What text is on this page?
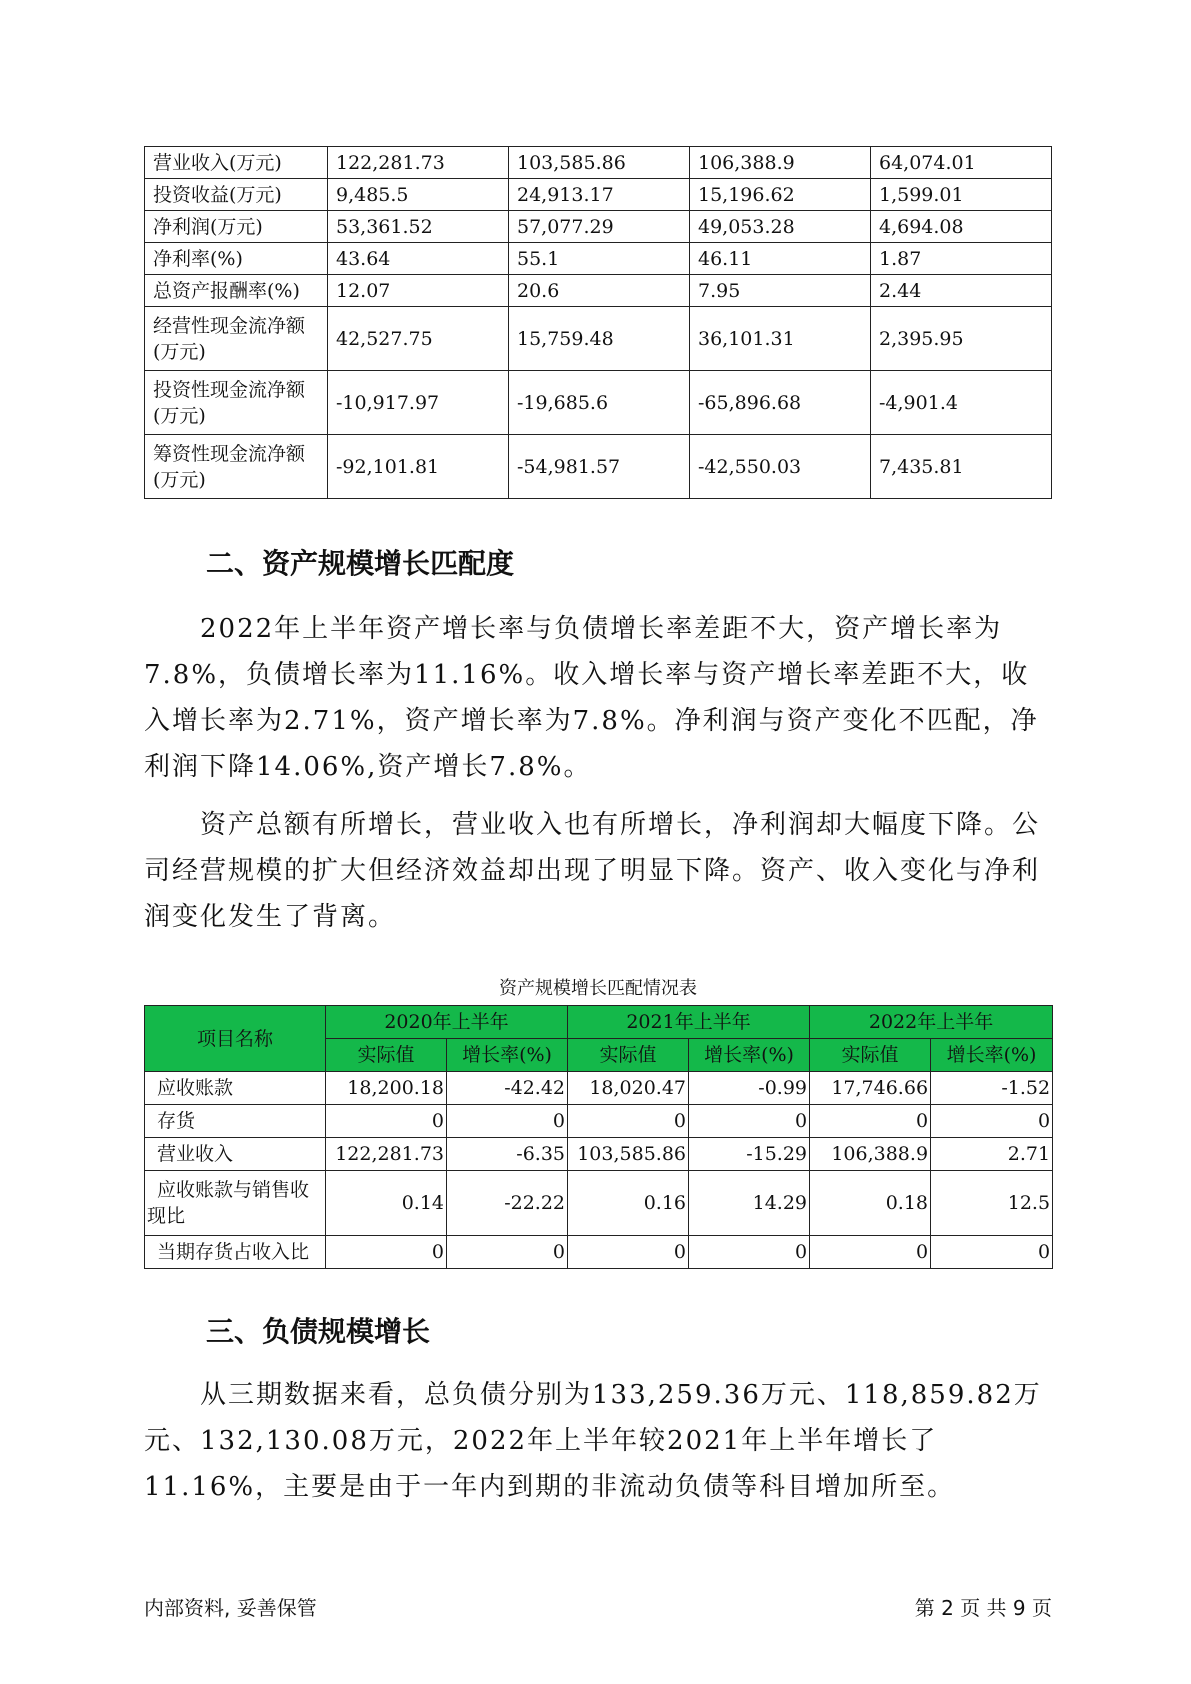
营业收入(万元)	122,281.73	103,585.86	106,388.9	64,074.01
投资收益(万元)	9,485.5	24,913.17	15,196.62	1,599.01
净利润(万元)	53,361.52	57,077.29	49,053.28	4,694.08
净利率(%)	43.64	55.1	46.11	1.87
总资产报酬率(%)	12.07	20.6	7.95	2.44
经营性现金流净额(万元)	42,527.75	15,759.48	36,101.31	2,395.95
投资性现金流净额(万元)	-10,917.97	-19,685.6	-65,896.68	-4,901.4
筹资性现金流净额(万元)	-92,101.81	-54,981.57	-42,550.03	7,435.81
二、资产规模增长匹配度

2022年上半年资产增长率与负债增长率差距不大，资产增长率为7.8%，负债增长率为11.16%。收入增长率与资产增长率差距不大，收入增长率为2.71%，资产增长率为7.8%。净利润与资产变化不匹配，净利润下降14.06%,资产增长7.8%。

资产总额有所增长，营业收入也有所增长，净利润却大幅度下降。公司经营规模的扩大但经济效益却出现了明显下降。资产、收入变化与净利润变化发生了背离。

资产规模增长匹配情况表

项目名称	2020年上半年		2021年上半年		2022年上半年	
	实际值	增长率(%)	实际值	增长率(%)	实际值	增长率(%)
应收账款	18,200.18	-42.42	18,020.47	-0.99	17,746.66	-1.52
存货	0	0	0	0	0	0
营业收入	122,281.73	-6.35	103,585.86	-15.29	106,388.9	2.71
应收账款与销售收现比	0.14	-22.22	0.16	14.29	0.18	12.5
当期存货占收入比	0	0	0	0	0	0
三、负债规模增长

从三期数据来看，总负债分别为133,259.36万元、118,859.82万元、132,130.08万元，2022年上半年较2021年上半年增长了11.16%，主要是由于一年内到期的非流动负债等科目增加所至。

内部资料, 妥善保管	第 2 页 共 9 页
